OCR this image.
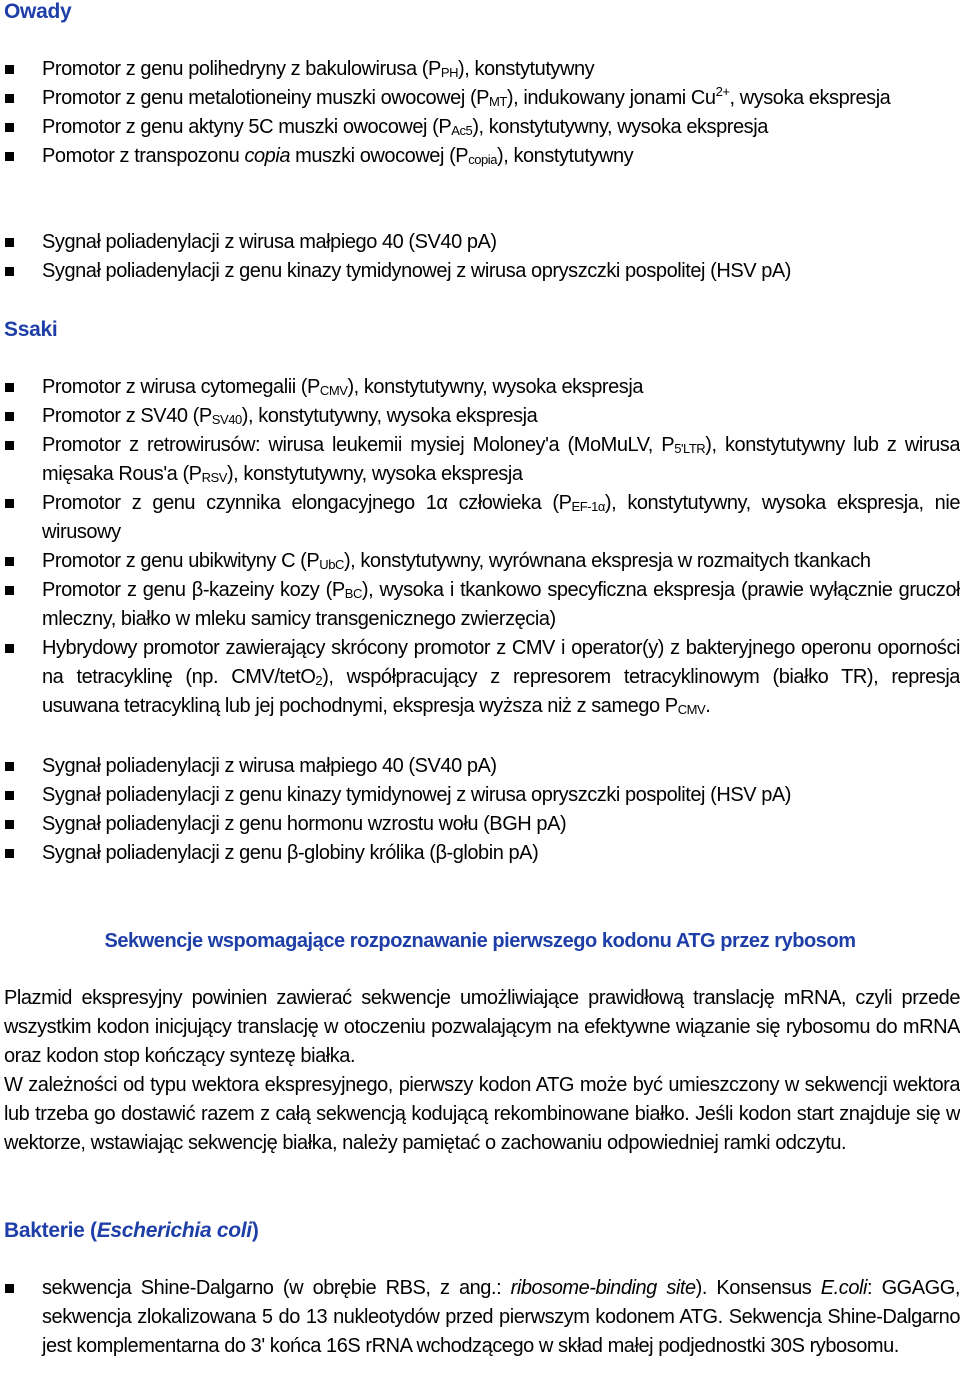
Owady
Promotor z genu polihedryny z bakulowirusa $(P_{PH})$, konstytutywny
Promotor z genu metalotioneiny muszki owocowej $(P_{MT})$, indukowany jonami $Cu^{2+}$, wysoka ekspresja
Promotor z genu aktyny 5C muszki owocowej $(P_{Ac5})$, konstytutywny, wysoka ekspresja
Pomotor z transpozonu copia muszki owocowej $(P_{copia})$, konstytutywny
Sygnał poliadenylacji z wirusa małpiego 40 (SV40 pA)
Sygnał poliadenylacji z genu kinazy tymidynowej z wirusa opryszczki pospolitej (HSV pA)
Ssaki
Promotor z wirusa cytomegalii $(P_{CMV})$, konstytutywny, wysoka ekspresja
Promotor z SV40 $(P_{SV40})$, konstytutywny, wysoka ekspresja
Promotor z retrowirusów: wirusa leukemii mysiej Moloney'a (MoMuLV, $P_{5'LTR}$), konstytutywny lub z wirusa mięsaka Rous'a $(P_{RSV})$, konstytutywny, wysoka ekspresja
Promotor z genu czynnika elongacyjnego 1α człowieka $(P_{EF-1\alpha})$, konstytutywny, wysoka ekspresja, nie wirusowy
Promotor z genu ubikwityny C $(P_{UbC})$, konstytutywny, wyrównana ekspresja w rozmaitych tkankach
Promotor z genu β-kazeiny kozy $(P_{BC})$, wysoka i tkankowo specyficzna ekspresja (prawie wyłącznie gruczoł mleczny, białko w mleku samicy transgenicznego zwierzęcia)
Hybrydowy promotor zawierający skrócony promotor z CMV i operator(y) z bakteryjnego operonu oporności na tetracyklinę (np. CMV/tetO$_2$), współpracujący z represorem tetracyklinowym (białko TR), represja usuwana tetracykliną lub jej pochodnymi, ekspresja wyższa niż z samego $P_{CMV}$.
Sygnał poliadenylacji z wirusa małpiego 40 (SV40 pA)
Sygnał poliadenylacji z genu kinazy tymidynowej z wirusa opryszczki pospolitej (HSV pA)
Sygnał poliadenylacji z genu hormonu wzrostu wołu (BGH pA)
Sygnał poliadenylacji z genu β-globiny królika (β-globin pA)
Sekwencje wspomagające rozpoznawanie pierwszego kodonu ATG przez rybosom

Plazmid ekspresyjny powinien zawierać sekwencje umożliwiające prawidłową translację mRNA, czyli przede wszystkim kodon inicjujący translację w otoczeniu pozwalającym na efektywne wiązanie się rybosomu do mRNA oraz kodon stop kończący syntezę białka.

W zależności od typu wektora ekspresyjnego, pierwszy kodon ATG może być umieszczony w sekwencji wektora lub trzeba go dostawić razem z całą sekwencją kodującą rekombinowane białko. Jeśli kodon start znajduje się w wektorze, wstawiając sekwencję białka, należy pamiętać o zachowaniu odpowiedniej ramki odczytu.

Bakterie (Escherichia coli)
sekwencja Shine-Dalgarno (w obrębie RBS, z ang.: ribosome-binding site). Konsensus E.coli: GGAGG, sekwencja zlokalizowana 5 do 13 nukleotydów przed pierwszym kodonem ATG. Sekwencja Shine-Dalgarno jest komplementarna do 3' końca 16S rRNA wchodzącego w skład małej podjednostki 30S rybosomu.
